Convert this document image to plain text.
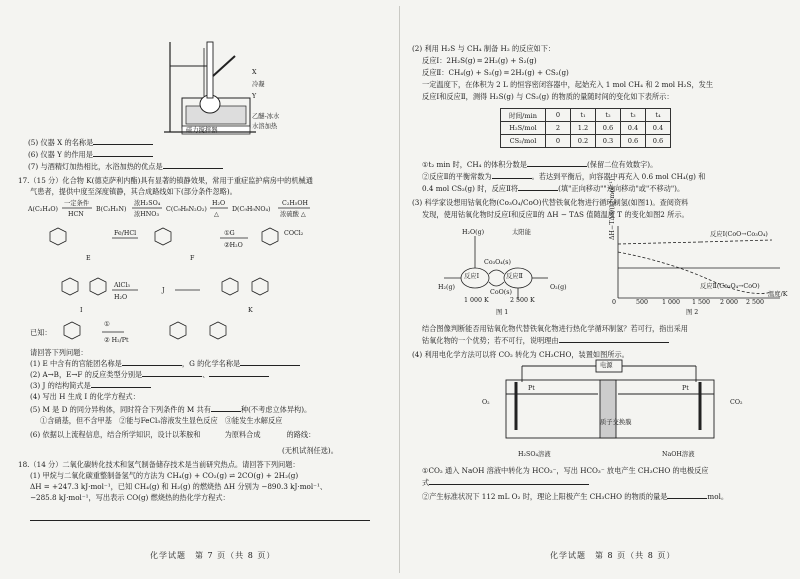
X
冷凝
Y
乙醚-冰水
水溶加热
磁力搅拌器
(5) 仪器 X 的名称是
(6) 仪器 Y 的作用是
(7) 与酒精灯加热相比，水浴加热的优点是
17.（15 分）化合物 K(德克萨利内酯)具有显著的镇静效果，常用于重症监护病房中的机械通
气患者，提供中度至深度镇静，其合成路线如下(部分条件忽略)。
A(C₂H₄O)
一定条件
HCN
B(C₃H₅N)
浓H₂SO₄
浓HNO₃
C(C₉H₈N₂O₂)
H₂O
△
D(C₉H₉NO₄)
C₂H₅OH
浓硫酸 △
E
Fe/HCl
F
①G
②H₂O
COCl₂
I
AlCl₃
H₂O
J
K
已知：
①
② H₂/Pt
请回答下列问题：
(1) E 中含有的官能团名称是	，G 的化学名称是
(2) A→B，E→F 的反应类型分别是	、
(3) J 的结构简式是
(4) 写出 H 生成 I 的化学方程式：
(5) M 是 D 的同分异构体，同时符合下列条件的 M 共有	种(不考虑立体异构)。
①含硝基，但不含甲基　②能与FeCl₃溶液发生显色反应　③能发生水解反应
(6) 依据以上流程信息，结合所学知识，设计以苯胺和	为原料合成	的路线：
(无机试剂任选)。
18.（14 分）二氧化碳转化技术和氢气制备储存技术是当前研究热点。请回答下列问题：
(1) 甲烷与二氧化碳重整制备氢气的方法为 CH₄(g) + CO₂(g) ⇌ 2CO(g) + 2H₂(g)
ΔH = +247.3 kJ·mol⁻¹，已知 CH₄(g) 和 H₂(g) 的燃烧热 ΔH 分别为 −890.3 kJ·mol⁻¹、
−285.8 kJ·mol⁻¹，写出表示 CO(g) 燃烧热的热化学方程式：
化学试题　第 7 页（共 8 页）
(2) 利用 H₂S 与 CH₄ 制备 H₂ 的反应如下：
反应Ⅰ：2H₂S(g) ═ 2H₂(g) + S₂(g)
反应Ⅱ：CH₄(g) + S₂(g) ═ 2H₂(g) + CS₂(g)
一定温度下，在体积为 2 L 的恒容密闭容器中，起始充入 1 mol CH₄ 和 2 mol H₂S，发生
反应Ⅰ和反应Ⅱ，测得 H₂S(g) 与 CS₂(g) 的物质的量随时间的变化如下表所示：
时间/min	0	t₁	t₂	t₃	t₄
H₂S/mol	2	1.2	0.6	0.4	0.4
CS₂/mol	0	0.2	0.3	0.6	0.6
①t₂ min 时，CH₄ 的体积分数是	(保留二位有效数字)。
②反应Ⅱ的平衡常数为	。若达到平衡后，向容器中再充入 0.6 mol CH₄(g) 和
0.4 mol CS₂(g) 时，反应Ⅱ将	(填"正向移动""逆向移动"或"不移动")。
(3) 科学家设想用钴氧化物(Co₃O₄/CoO)代替铁氧化物进行循环制氢(如图1)。查阅资料
发现，使用钴氧化物时反应Ⅰ和反应Ⅱ的 ΔH − TΔS 值随温度 T 的变化如图2 所示。
H₂O(g)	太阳能
Co₃O₄(s)
反应Ⅰ	反应Ⅱ
CoO(s)
H₂(g)	O₂(g)
1 000 K	2 500 K
图 1
ΔH−TΔS/(kJ·mol⁻¹)	反应Ⅰ(CoO→Co₃O₄)
反应Ⅱ(Co₃O₄→CoO)
0	500 1 000 1 500 2 000 2 500
温度/K
图 2
结合图像判断能否用钴氧化物代替铁氧化物进行热化学循环制氢？若可行，指出采用
钴氧化物的一个优势；若不可行，说明理由
(4) 利用电化学方法可以将 CO₂ 转化为 CH₃CHO，装置如图所示。
电源
Pt	Pt
CO₂
O₂
H₂SO₄溶液	NaOH溶液
质子交换膜
①CO₂ 通入 NaOH 溶液中转化为 HCO₃⁻，写出 HCO₃⁻ 放电产生 CH₃CHO 的电极反应
式
②产生标准状况下 112 mL O₂ 时，理论上阳极产生 CH₃CHO 的物质的量是	mol。
化学试题　第 8 页（共 8 页）
